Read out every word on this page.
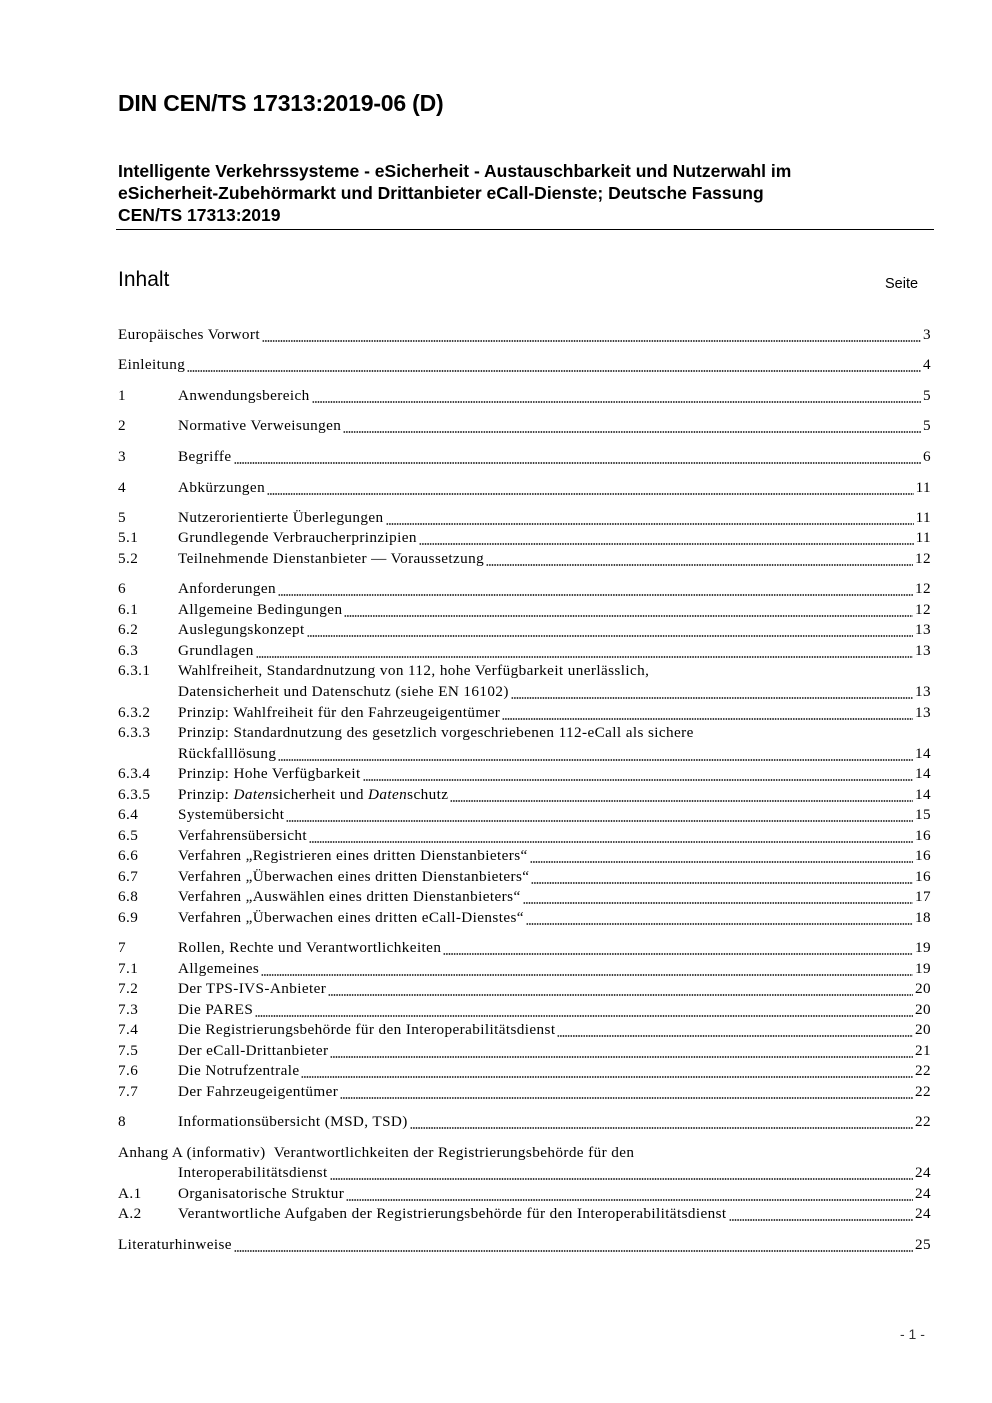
DIN CEN/TS 17313:2019-06 (D)
Intelligente Verkehrssysteme - eSicherheit - Austauschbarkeit und Nutzerwahl im
eSicherheit-Zubehörmarkt und Drittanbieter eCall-Dienste; Deutsche Fassung
CEN/TS 17313:2019
Inhalt	Seite
Europäisches Vorwort	3
Einleitung	4
1	Anwendungsbereich	5
2	Normative Verweisungen	5
3	Begriffe	6
4	Abkürzungen	11
5	Nutzerorientierte Überlegungen	11
5.1	Grundlegende Verbraucherprinzipien	11
5.2	Teilnehmende Dienstanbieter — Voraussetzung	12
6	Anforderungen	12
6.1	Allgemeine Bedingungen	12
6.2	Auslegungskonzept	13
6.3	Grundlagen	13
6.3.1 Wahlfreiheit, Standardnutzung von 112, hohe Verfügbarkeit unerlässlich,
Datensicherheit und Datenschutz (siehe EN 16102)	13
6.3.2 Prinzip: Wahlfreiheit für den Fahrzeugeigentümer	13
6.3.3 Prinzip: Standardnutzung des gesetzlich vorgeschriebenen 112-eCall als sichere
Rückfalllösung	14
6.3.4 Prinzip: Hohe Verfügbarkeit	14
6.3.5 Prinzip: Datensicherheit und Datenschutz	14
6.4	Systemübersicht	15
6.5	Verfahrensübersicht	16
6.6	Verfahren „Registrieren eines dritten Dienstanbieters“	16
6.7	Verfahren „Überwachen eines dritten Dienstanbieters“	16
6.8	Verfahren „Auswählen eines dritten Dienstanbieters“	17
6.9	Verfahren „Überwachen eines dritten eCall-Dienstes“	18
7	Rollen, Rechte und Verantwortlichkeiten	19
7.1	Allgemeines	19
7.2	Der TPS-IVS-Anbieter	20
7.3	Die PARES	20
7.4	Die Registrierungsbehörde für den Interoperabilitätsdienst	20
7.5	Der eCall-Drittanbieter	21
7.6	Die Notrufzentrale	22
7.7	Der Fahrzeugeigentümer	22
8	Informationsübersicht (MSD, TSD)	22
Anhang A (informativ)  Verantwortlichkeiten der Registrierungsbehörde für den
Interoperabilitätsdienst	24
A.1 Organisatorische Struktur	24
A.2 Verantwortliche Aufgaben der Registrierungsbehörde für den Interoperabilitätsdienst	24
Literaturhinweise	25
- 1 -
